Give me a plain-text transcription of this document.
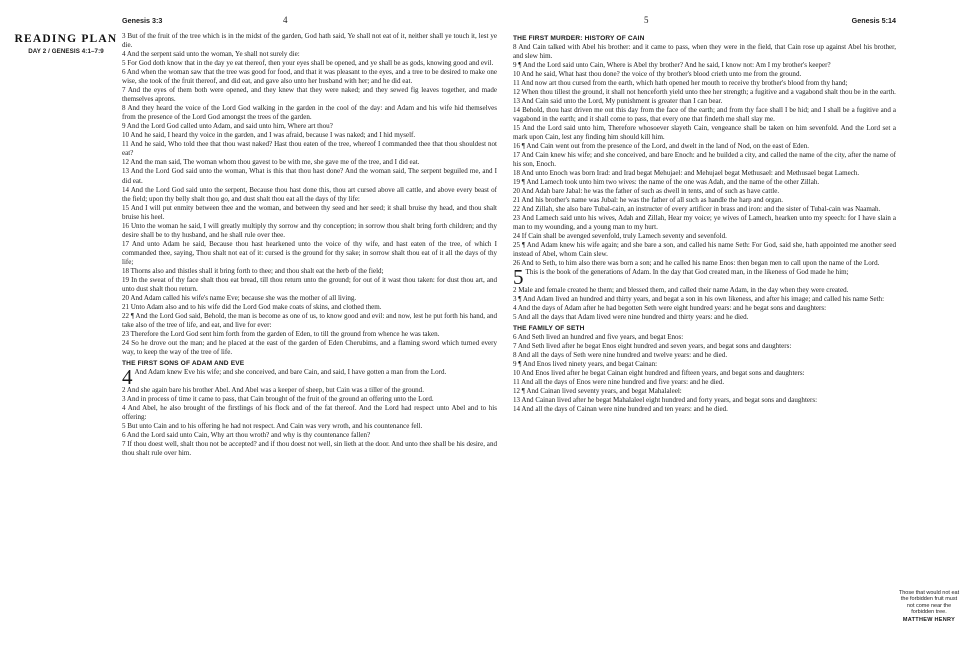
READING PLAN
DAY 2 / GENESIS 4:1–7:9
Genesis 3:3	4	5	Genesis 5:14
3 But of the fruit of the tree which is in the midst of the garden, God hath said, Ye shall not eat of it, neither shall ye touch it, lest ye die.
4 And the serpent said unto the woman, Ye shall not surely die:
5 For God doth know that in the day ye eat thereof, then your eyes shall be opened, and ye shall be as gods, knowing good and evil.
6 And when the woman saw that the tree was good for food, and that it was pleasant to the eyes, and a tree to be desired to make one wise, she took of the fruit thereof, and did eat, and gave also unto her husband with her; and he did eat.
7 And the eyes of them both were opened, and they knew that they were naked; and they sewed fig leaves together, and made themselves aprons.
8 And they heard the voice of the Lord God walking in the garden in the cool of the day: and Adam and his wife hid themselves from the presence of the Lord God amongst the trees of the garden.
9 And the Lord God called unto Adam, and said unto him, Where art thou?
10 And he said, I heard thy voice in the garden, and I was afraid, because I was naked; and I hid myself.
11 And he said, Who told thee that thou wast naked? Hast thou eaten of the tree, whereof I commanded thee that thou shouldest not eat?
12 And the man said, The woman whom thou gavest to be with me, she gave me of the tree, and I did eat.
13 And the Lord God said unto the woman, What is this that thou hast done? And the woman said, The serpent beguiled me, and I did eat.
14 And the Lord God said unto the serpent, Because thou hast done this, thou art cursed above all cattle, and above every beast of the field; upon thy belly shalt thou go, and dust shalt thou eat all the days of thy life:
15 And I will put enmity between thee and the woman, and between thy seed and her seed; it shall bruise thy head, and thou shalt bruise his heel.
16 Unto the woman he said, I will greatly multiply thy sorrow and thy conception; in sorrow thou shalt bring forth children; and thy desire shall be to thy husband, and he shall rule over thee.
17 And unto Adam he said, Because thou hast hearkened unto the voice of thy wife, and hast eaten of the tree, of which I commanded thee, saying, Thou shalt not eat of it: cursed is the ground for thy sake; in sorrow shalt thou eat of it all the days of thy life;
18 Thorns also and thistles shall it bring forth to thee; and thou shalt eat the herb of the field;
19 In the sweat of thy face shalt thou eat bread, till thou return unto the ground; for out of it wast thou taken: for dust thou art, and unto dust shalt thou return.
20 And Adam called his wife's name Eve; because she was the mother of all living.
21 Unto Adam also and to his wife did the Lord God make coats of skins, and clothed them.
22 ¶ And the Lord God said, Behold, the man is become as one of us, to know good and evil: and now, lest he put forth his hand, and take also of the tree of life, and eat, and live for ever:
23 Therefore the Lord God sent him forth from the garden of Eden, to till the ground from whence he was taken.
24 So he drove out the man; and he placed at the east of the garden of Eden Cherubims, and a flaming sword which turned every way, to keep the way of the tree of life.
THE FIRST SONS OF ADAM AND EVE
4 And Adam knew Eve his wife; and she conceived, and bare Cain, and said, I have gotten a man from the Lord.
2 And she again bare his brother Abel. And Abel was a keeper of sheep, but Cain was a tiller of the ground.
3 And in process of time it came to pass, that Cain brought of the fruit of the ground an offering unto the Lord.
4 And Abel, he also brought of the firstlings of his flock and of the fat thereof. And the Lord had respect unto Abel and to his offering:
5 But unto Cain and to his offering he had not respect. And Cain was very wroth, and his countenance fell.
6 And the Lord said unto Cain, Why art thou wroth? and why is thy countenance fallen?
7 If thou doest well, shalt thou not be accepted? and if thou doest not well, sin lieth at the door. And unto thee shall be his desire, and thou shalt rule over him.
THE FIRST MURDER: HISTORY OF CAIN
8 And Cain talked with Abel his brother: and it came to pass, when they were in the field, that Cain rose up against Abel his brother, and slew him.
9 ¶ And the Lord said unto Cain, Where is Abel thy brother? And he said, I know not: Am I my brother's keeper?
10 And he said, What hast thou done? the voice of thy brother's blood crieth unto me from the ground.
11 And now art thou cursed from the earth, which hath opened her mouth to receive thy brother's blood from thy hand;
12 When thou tillest the ground, it shall not henceforth yield unto thee her strength; a fugitive and a vagabond shalt thou be in the earth.
13 And Cain said unto the Lord, My punishment is greater than I can bear.
14 Behold, thou hast driven me out this day from the face of the earth; and from thy face shall I be hid; and I shall be a fugitive and a vagabond in the earth; and it shall come to pass, that every one that findeth me shall slay me.
15 And the Lord said unto him, Therefore whosoever slayeth Cain, vengeance shall be taken on him sevenfold. And the Lord set a mark upon Cain, lest any finding him should kill him.
16 ¶ And Cain went out from the presence of the Lord, and dwelt in the land of Nod, on the east of Eden.
17 And Cain knew his wife; and she conceived, and bare Enoch: and he builded a city, and called the name of the city, after the name of his son, Enoch.
18 And unto Enoch was born Irad: and Irad begat Mehujael: and Mehujael begat Methusael: and Methusael begat Lamech.
19 ¶ And Lamech took unto him two wives: the name of the one was Adah, and the name of the other Zillah.
20 And Adah bare Jabal: he was the father of such as dwell in tents, and of such as have cattle.
21 And his brother's name was Jubal: he was the father of all such as handle the harp and organ.
22 And Zillah, she also bare Tubal-cain, an instructer of every artificer in brass and iron: and the sister of Tubal-cain was Naamah.
23 And Lamech said unto his wives, Adah and Zillah, Hear my voice; ye wives of Lamech, hearken unto my speech: for I have slain a man to my wounding, and a young man to my hurt.
24 If Cain shall be avenged sevenfold, truly Lamech seventy and sevenfold.
25 ¶ And Adam knew his wife again; and she bare a son, and called his name Seth: For God, said she, hath appointed me another seed instead of Abel, whom Cain slew.
26 And to Seth, to him also there was born a son; and he called his name Enos: then began men to call upon the name of the Lord.
5 This is the book of the generations of Adam. In the day that God created man, in the likeness of God made he him;
2 Male and female created he them; and blessed them, and called their name Adam, in the day when they were created.
3 ¶ And Adam lived an hundred and thirty years, and begat a son in his own likeness, and after his image; and called his name Seth:
4 And the days of Adam after he had begotten Seth were eight hundred years: and he begat sons and daughters:
5 And all the days that Adam lived were nine hundred and thirty years: and he died.
THE FAMILY OF SETH
6 And Seth lived an hundred and five years, and begat Enos:
7 And Seth lived after he begat Enos eight hundred and seven years, and begat sons and daughters:
8 And all the days of Seth were nine hundred and twelve years: and he died.
9 ¶ And Enos lived ninety years, and begat Cainan:
10 And Enos lived after he begat Cainan eight hundred and fifteen years, and begat sons and daughters:
11 And all the days of Enos were nine hundred and five years: and he died.
12 ¶ And Cainan lived seventy years, and begat Mahalaleel:
13 And Cainan lived after he begat Mahalaleel eight hundred and forty years, and begat sons and daughters:
14 And all the days of Cainan were nine hundred and ten years: and he died.
Those that would not eat the forbidden fruit must not come near the forbidden tree.
MATTHEW HENRY
